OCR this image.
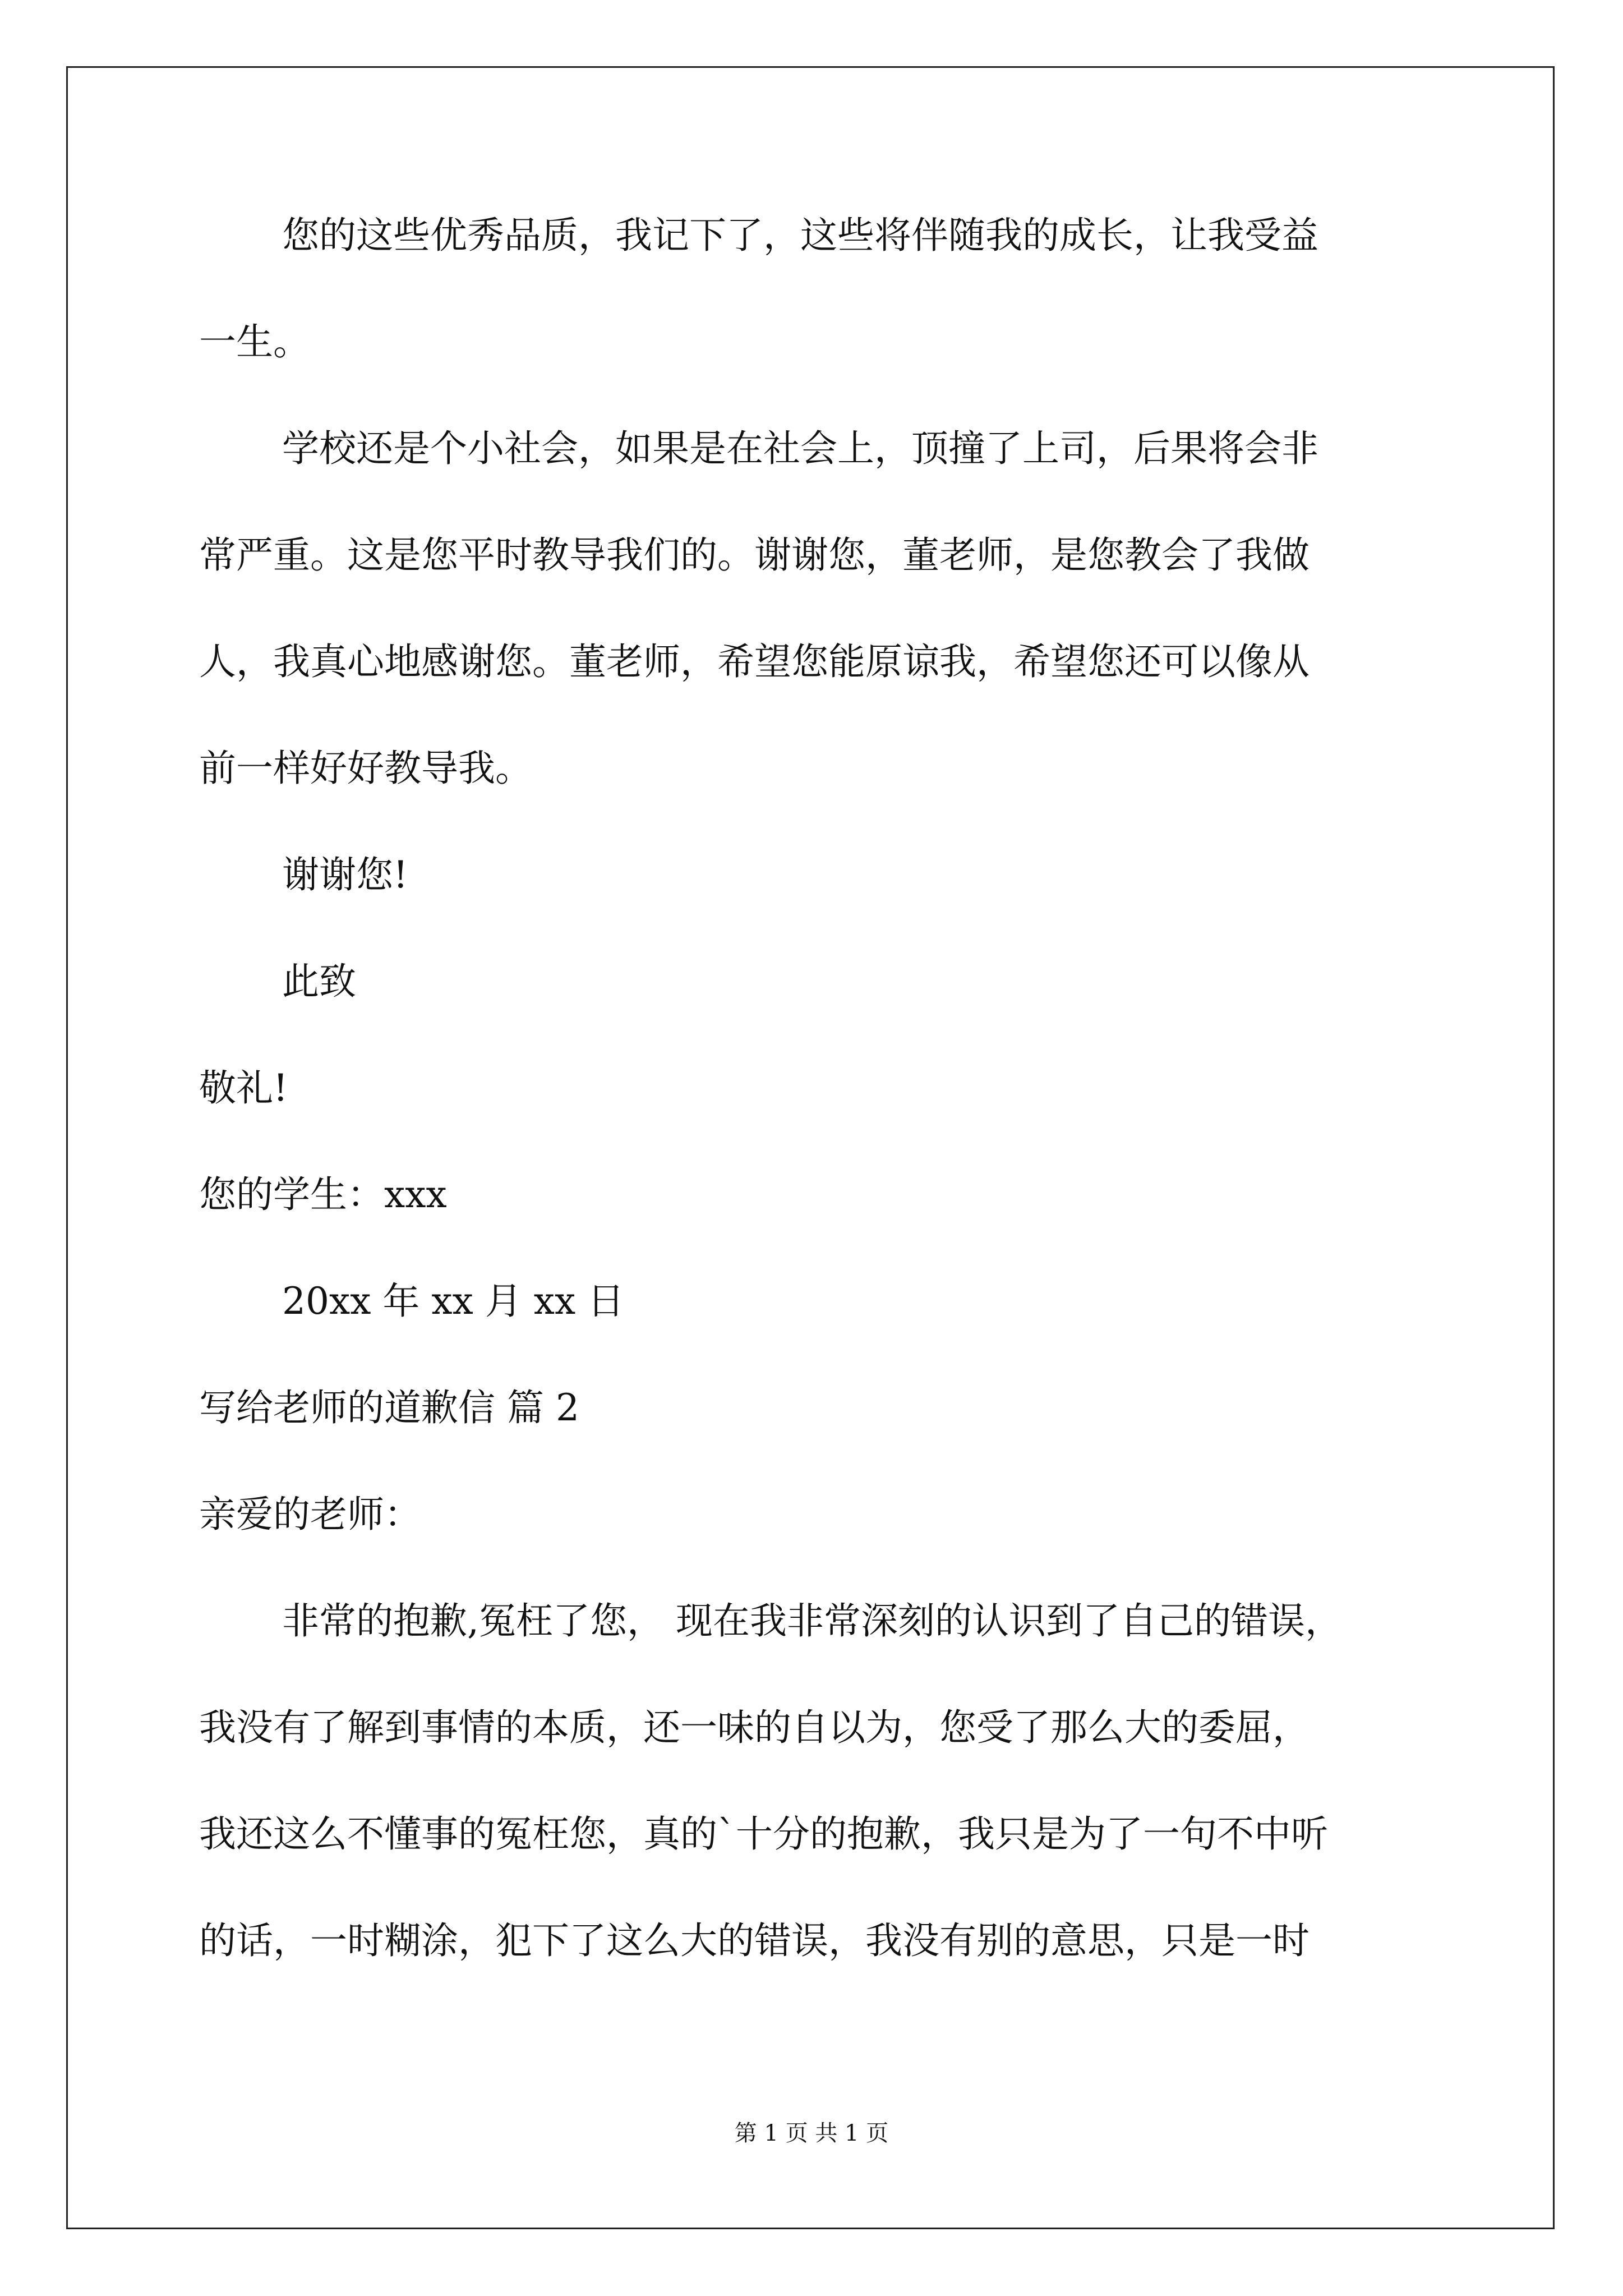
您的这些优秀品质，我记下了，这些将伴随我的成长，让我受益
一生。
学校还是个小社会，如果是在社会上，顶撞了上司，后果将会非
常严重。这是您平时教导我们的。谢谢您，董老师，是您教会了我做
人，我真心地感谢您。董老师，希望您能原谅我，希望您还可以像从
前一样好好教导我。
谢谢您!
此致
敬礼!
您的学生：xxx
20xx 年 xx 月 xx 日
写给老师的道歉信 篇 2
亲爱的老师：
非常的抱歉,冤枉了您， 现在我非常深刻的认识到了自己的错误，
我没有了解到事情的本质，还一味的自以为，您受了那么大的委屈，
我还这么不懂事的冤枉您，真的`十分的抱歉，我只是为了一句不中听
的话，一时糊涂，犯下了这么大的错误，我没有别的意思，只是一时
第 1 页 共 1 页
